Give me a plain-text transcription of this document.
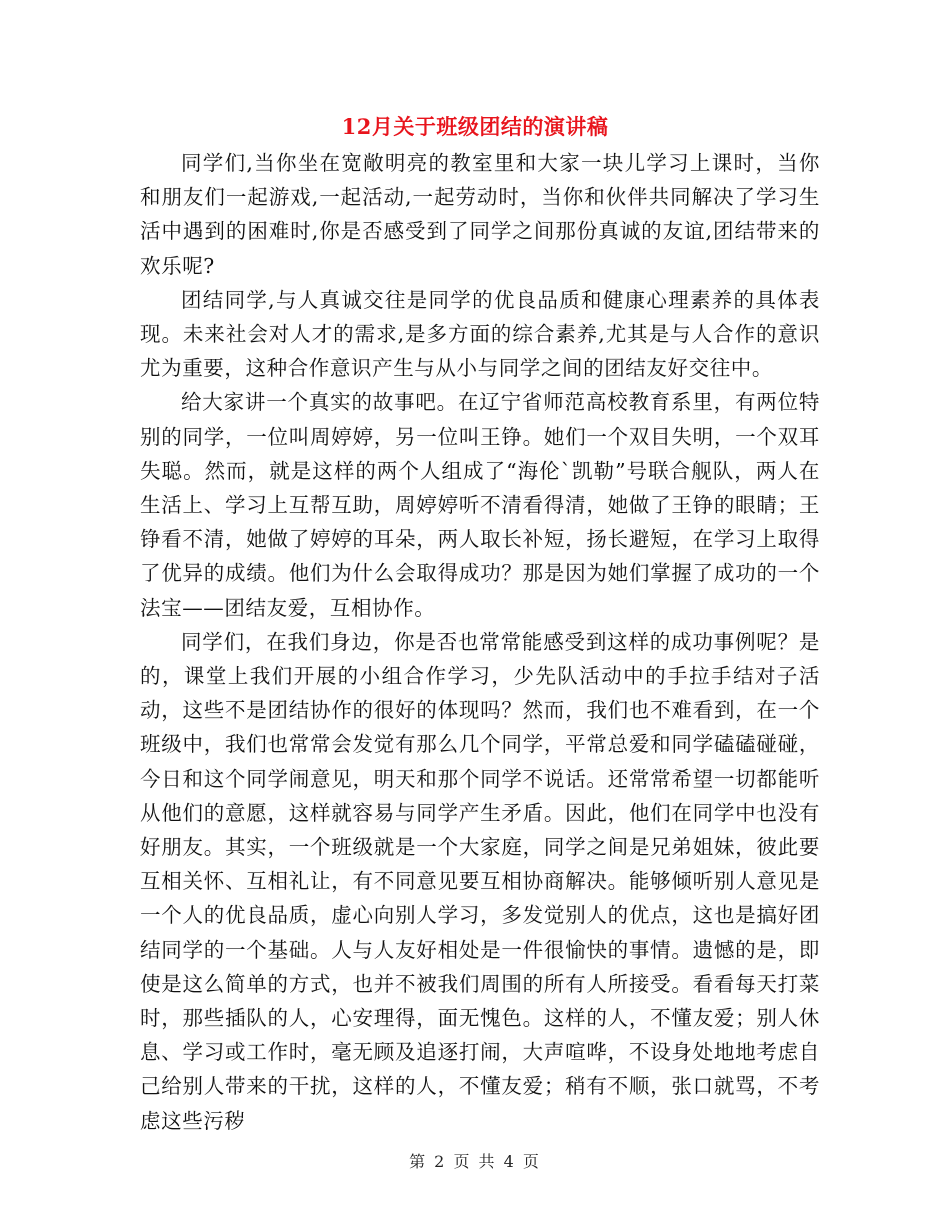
12月关于班级团结的演讲稿

同学们,当你坐在宽敞明亮的教室里和大家一块儿学习上课时，当你和朋友们一起游戏,一起活动,一起劳动时，当你和伙伴共同解决了学习生活中遇到的困难时,你是否感受到了同学之间那份真诚的友谊,团结带来的欢乐呢?

团结同学,与人真诚交往是同学的优良品质和健康心理素养的具体表现。未来社会对人才的需求,是多方面的综合素养,尤其是与人合作的意识尤为重要，这种合作意识产生与从小与同学之间的团结友好交往中。

给大家讲一个真实的故事吧。在辽宁省师范高校教育系里，有两位特别的同学，一位叫周婷婷，另一位叫王铮。她们一个双目失明，一个双耳失聪。然而，就是这样的两个人组成了“海伦`凯勒”号联合舰队，两人在生活上、学习上互帮互助，周婷婷听不清看得清，她做了王铮的眼睛；王铮看不清，她做了婷婷的耳朵，两人取长补短，扬长避短，在学习上取得了优异的成绩。他们为什么会取得成功？那是因为她们掌握了成功的一个法宝——团结友爱，互相协作。

同学们，在我们身边，你是否也常常能感受到这样的成功事例呢？是的，课堂上我们开展的小组合作学习，少先队活动中的手拉手结对子活动，这些不是团结协作的很好的体现吗？然而，我们也不难看到，在一个班级中，我们也常常会发觉有那么几个同学，平常总爱和同学磕磕碰碰，今日和这个同学闹意见，明天和那个同学不说话。还常常希望一切都能听从他们的意愿，这样就容易与同学产生矛盾。因此，他们在同学中也没有好朋友。其实，一个班级就是一个大家庭，同学之间是兄弟姐妹，彼此要互相关怀、互相礼让，有不同意见要互相协商解决。能够倾听别人意见是一个人的优良品质，虚心向别人学习，多发觉别人的优点，这也是搞好团结同学的一个基础。人与人友好相处是一件很愉快的事情。遗憾的是，即使是这么简单的方式，也并不被我们周围的所有人所接受。看看每天打菜时，那些插队的人，心安理得，面无愧色。这样的人，不懂友爱；别人休息、学习或工作时，毫无顾及追逐打闹，大声喧哗，不设身处地地考虑自己给别人带来的干扰，这样的人，不懂友爱；稍有不顺，张口就骂，不考虑这些污秽

第 2 页 共 4 页
